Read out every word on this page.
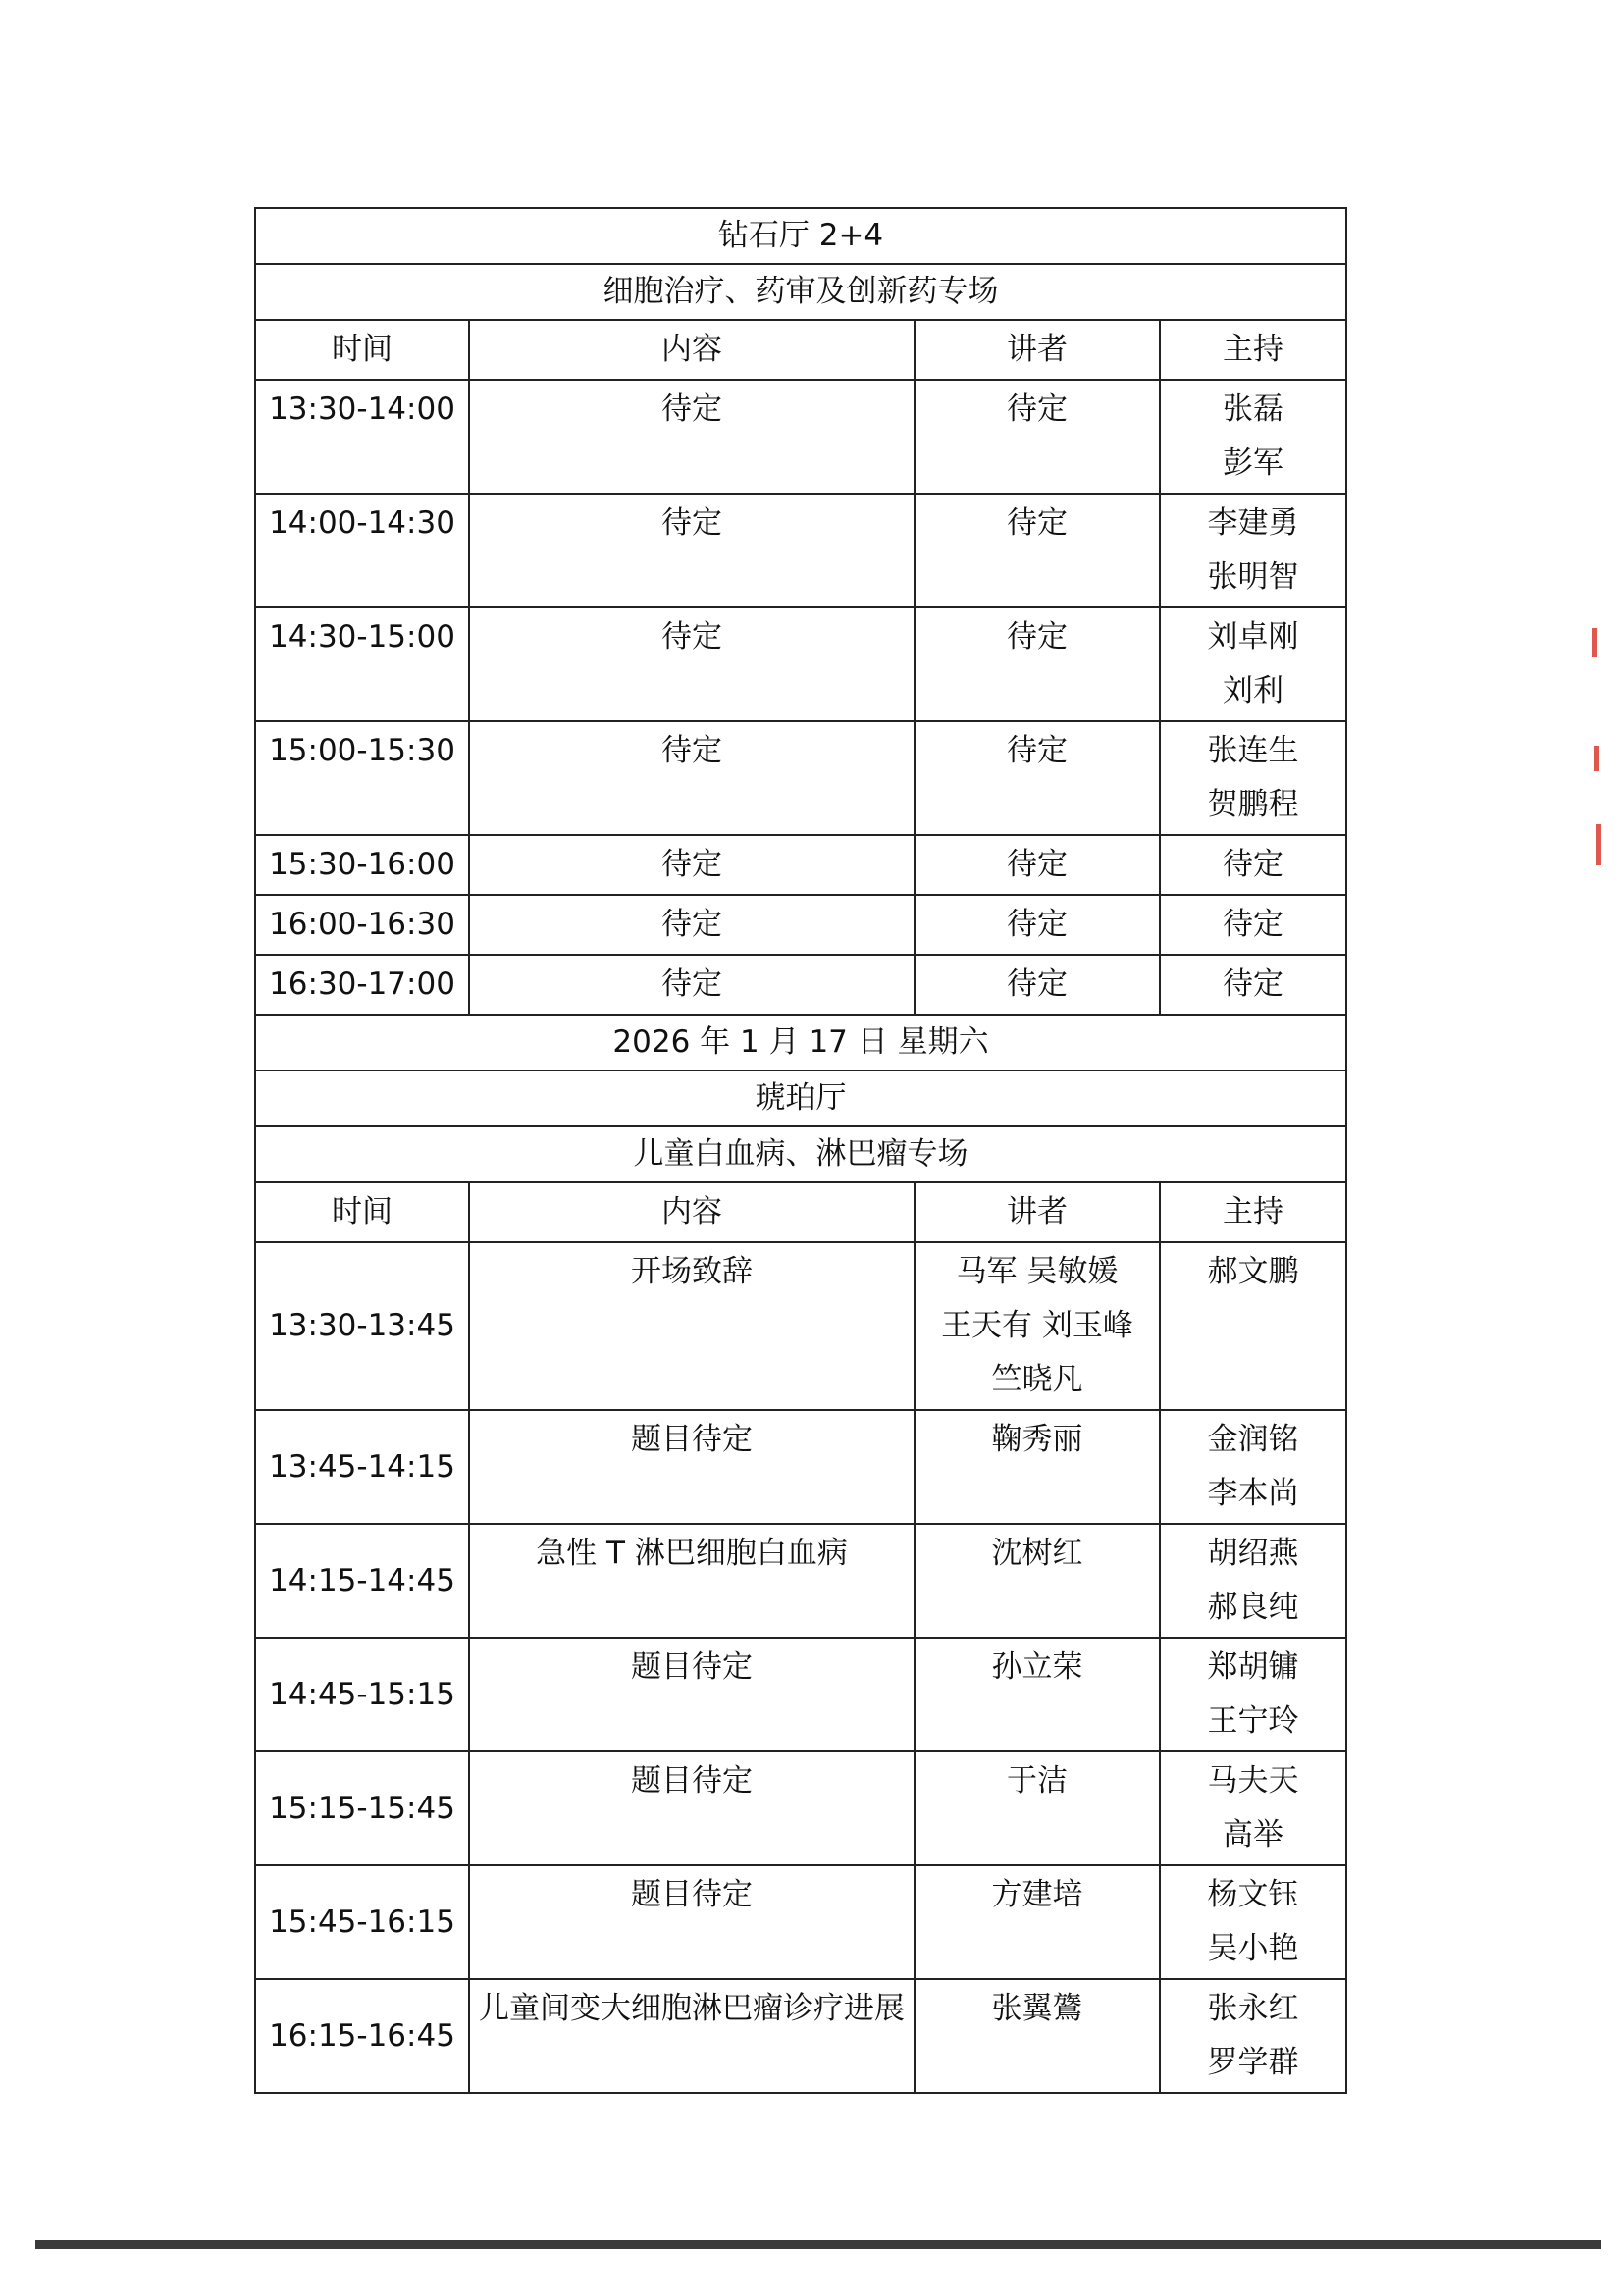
钻石厅 2+4			
细胞治疗、药审及创新药专场			
时间	内容	讲者	主持
13:30-14:00	待定	待定	张磊
彭军
14:00-14:30	待定	待定	李建勇
张明智
14:30-15:00	待定	待定	刘卓刚
刘利
15:00-15:30	待定	待定	张连生
贺鹏程
15:30-16:00	待定	待定	待定
16:00-16:30	待定	待定	待定
16:30-17:00	待定	待定	待定
2026 年 1 月 17 日 星期六			
琥珀厅			
儿童白血病、淋巴瘤专场			
时间	内容	讲者	主持
13:30-13:45	开场致辞	马军 吴敏媛
王天有 刘玉峰
竺晓凡	郝文鹏
13:45-14:15	题目待定	鞠秀丽	金润铭
李本尚
14:15-14:45	急性 T 淋巴细胞白血病	沈树红	胡绍燕
郝良纯
14:45-15:15	题目待定	孙立荣	郑胡镛
王宁玲
15:15-15:45	题目待定	于洁	马夫天
高举
15:45-16:15	题目待定	方建培	杨文钰
吴小艳
16:15-16:45	儿童间变大细胞淋巴瘤诊疗进展	张翼鷟	张永红
罗学群
